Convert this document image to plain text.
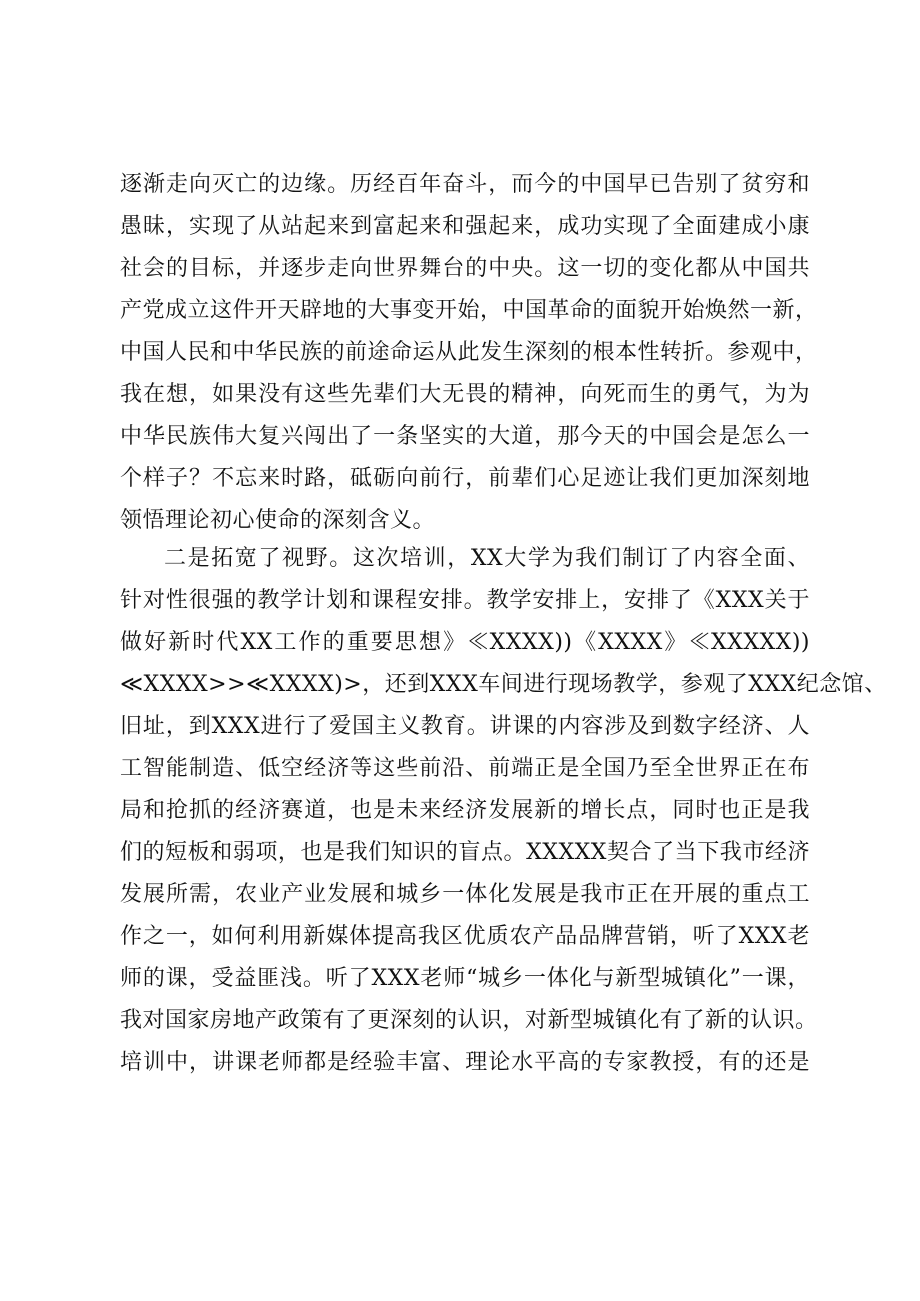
逐渐走向灭亡的边缘。历经百年奋斗，而今的中国早已告别了贫穷和
愚昧，实现了从站起来到富起来和强起来，成功实现了全面建成小康
社会的目标，并逐步走向世界舞台的中央。这一切的变化都从中国共
产党成立这件开天辟地的大事变开始，中国革命的面貌开始焕然一新，
中国人民和中华民族的前途命运从此发生深刻的根本性转折。参观中，
我在想，如果没有这些先辈们大无畏的精神，向死而生的勇气，为为
中华民族伟大复兴闯出了一条坚实的大道，那今天的中国会是怎么一
个样子？不忘来时路，砥砺向前行，前辈们心足迹让我们更加深刻地
领悟理论初心使命的深刻含义。
二是拓宽了视野。这次培训，XX大学为我们制订了内容全面、
针对性很强的教学计划和课程安排。教学安排上，安排了《XXX关于
做好新时代XX工作的重要思想》≪XXXX))《XXXX》≪XXXXX))
≪XXXX>>≪XXXX)>，还到XXX车间进行现场教学，参观了XXX纪念馆、
旧址，到XXX进行了爱国主义教育。讲课的内容涉及到数字经济、人
工智能制造、低空经济等这些前沿、前端正是全国乃至全世界正在布
局和抢抓的经济赛道，也是未来经济发展新的增长点，同时也正是我
们的短板和弱项，也是我们知识的盲点。XXXXX契合了当下我市经济
发展所需，农业产业发展和城乡一体化发展是我市正在开展的重点工
作之一，如何利用新媒体提高我区优质农产品品牌营销，听了XXX老
师的课，受益匪浅。听了XXX老师“城乡一体化与新型城镇化”一课，
我对国家房地产政策有了更深刻的认识，对新型城镇化有了新的认识。
培训中，讲课老师都是经验丰富、理论水平高的专家教授，有的还是
